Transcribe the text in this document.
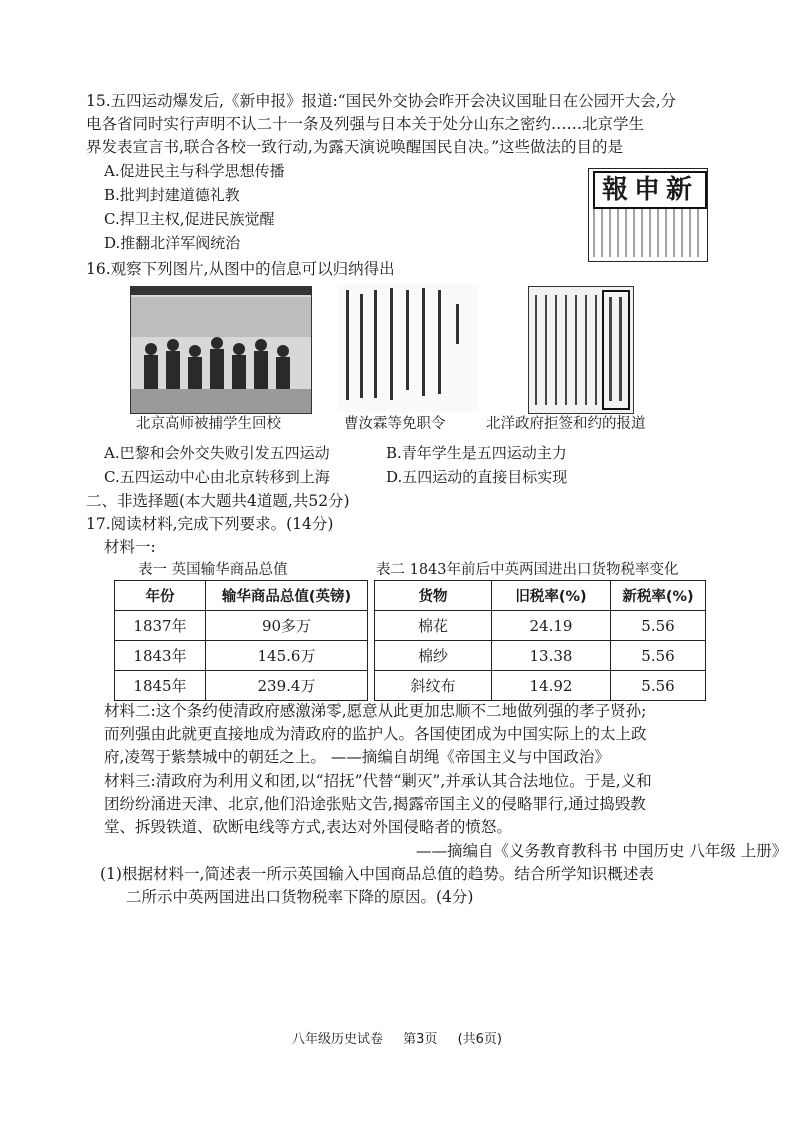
15.五四运动爆发后,《新申报》报道:“国民外交协会昨开会决议国耻日在公园开大会,分
电各省同时实行声明不认二十一条及列强与日本关于处分山东之密约……北京学生
界发表宣言书,联合各校一致行动,为露天演说唤醒国民自决。”这些做法的目的是
A.促进民主与科学思想传播
B.批判封建道德礼教
C.捍卫主权,促进民族觉醒
D.推翻北洋军阀统治
報申新
16.观察下列图片,从图中的信息可以归纳得出
北京高师被捕学生回校	曹汝霖等免职令	北洋政府拒签和约的报道
A.巴黎和会外交失败引发五四运动	B.青年学生是五四运动主力
C.五四运动中心由北京转移到上海	D.五四运动的直接目标实现
二、非选择题(本大题共4道题,共52分)
17.阅读材料,完成下列要求。(14分)
材料一:
表一 英国输华商品总值
年份	输华商品总值(英镑)
1837年	90多万
1843年	145.6万
1845年	239.4万
表二 1843年前后中英两国进出口货物税率变化
货物	旧税率(%)	新税率(%)
棉花	24.19	5.56
棉纱	13.38	5.56
斜纹布	14.92	5.56
材料二:这个条约使清政府感激涕零,愿意从此更加忠顺不二地做列强的孝子贤孙;
而列强由此就更直接地成为清政府的监护人。各国使团成为中国实际上的太上政
府,凌驾于紫禁城中的朝廷之上。 ——摘编自胡绳《帝国主义与中国政治》
材料三:清政府为利用义和团,以“招抚”代替“剿灭”,并承认其合法地位。于是,义和
团纷纷涌进天津、北京,他们沿途张贴文告,揭露帝国主义的侵略罪行,通过捣毁教
堂、拆毁铁道、砍断电线等方式,表达对外国侵略者的愤怒。
——摘编自《义务教育教科书 中国历史 八年级 上册》
(1)根据材料一,简述表一所示英国输入中国商品总值的趋势。结合所学知识概述表
二所示中英两国进出口货物税率下降的原因。(4分)
八年级历史试卷 第3页 (共6页)
